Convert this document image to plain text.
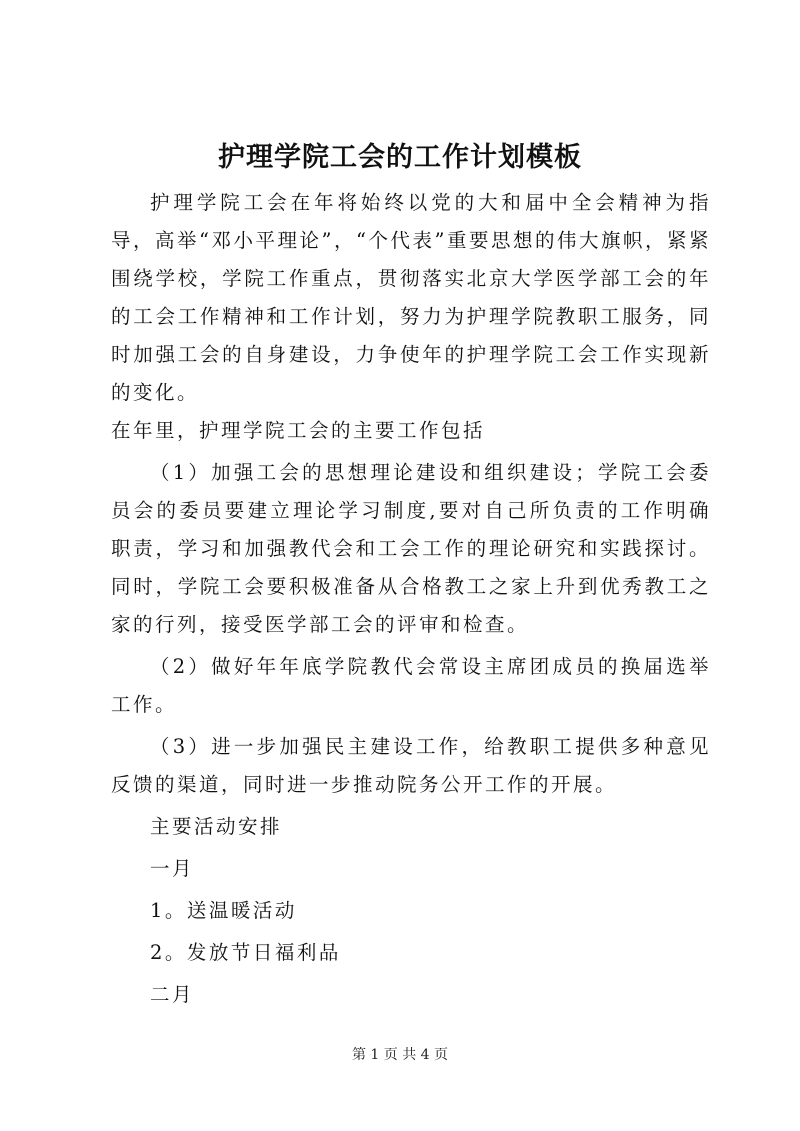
护理学院工会的工作计划模板

护理学院工会在年将始终以党的大和届中全会精神为指导，高举“邓小平理论”，“个代表”重要思想的伟大旗帜，紧紧围绕学校，学院工作重点，贯彻落实北京大学医学部工会的年的工会工作精神和工作计划，努力为护理学院教职工服务，同时加强工会的自身建设，力争使年的护理学院工会工作实现新的变化。

在年里，护理学院工会的主要工作包括

（1）加强工会的思想理论建设和组织建设；学院工会委员会的委员要建立理论学习制度,要对自己所负责的工作明确职责，学习和加强教代会和工会工作的理论研究和实践探讨。同时，学院工会要积极准备从合格教工之家上升到优秀教工之家的行列，接受医学部工会的评审和检查。

（2）做好年年底学院教代会常设主席团成员的换届选举工作。

（3）进一步加强民主建设工作，给教职工提供多种意见反馈的渠道，同时进一步推动院务公开工作的开展。

主要活动安排

一月

1。送温暖活动

2。发放节日福利品

二月

第 1 页 共 4 页
